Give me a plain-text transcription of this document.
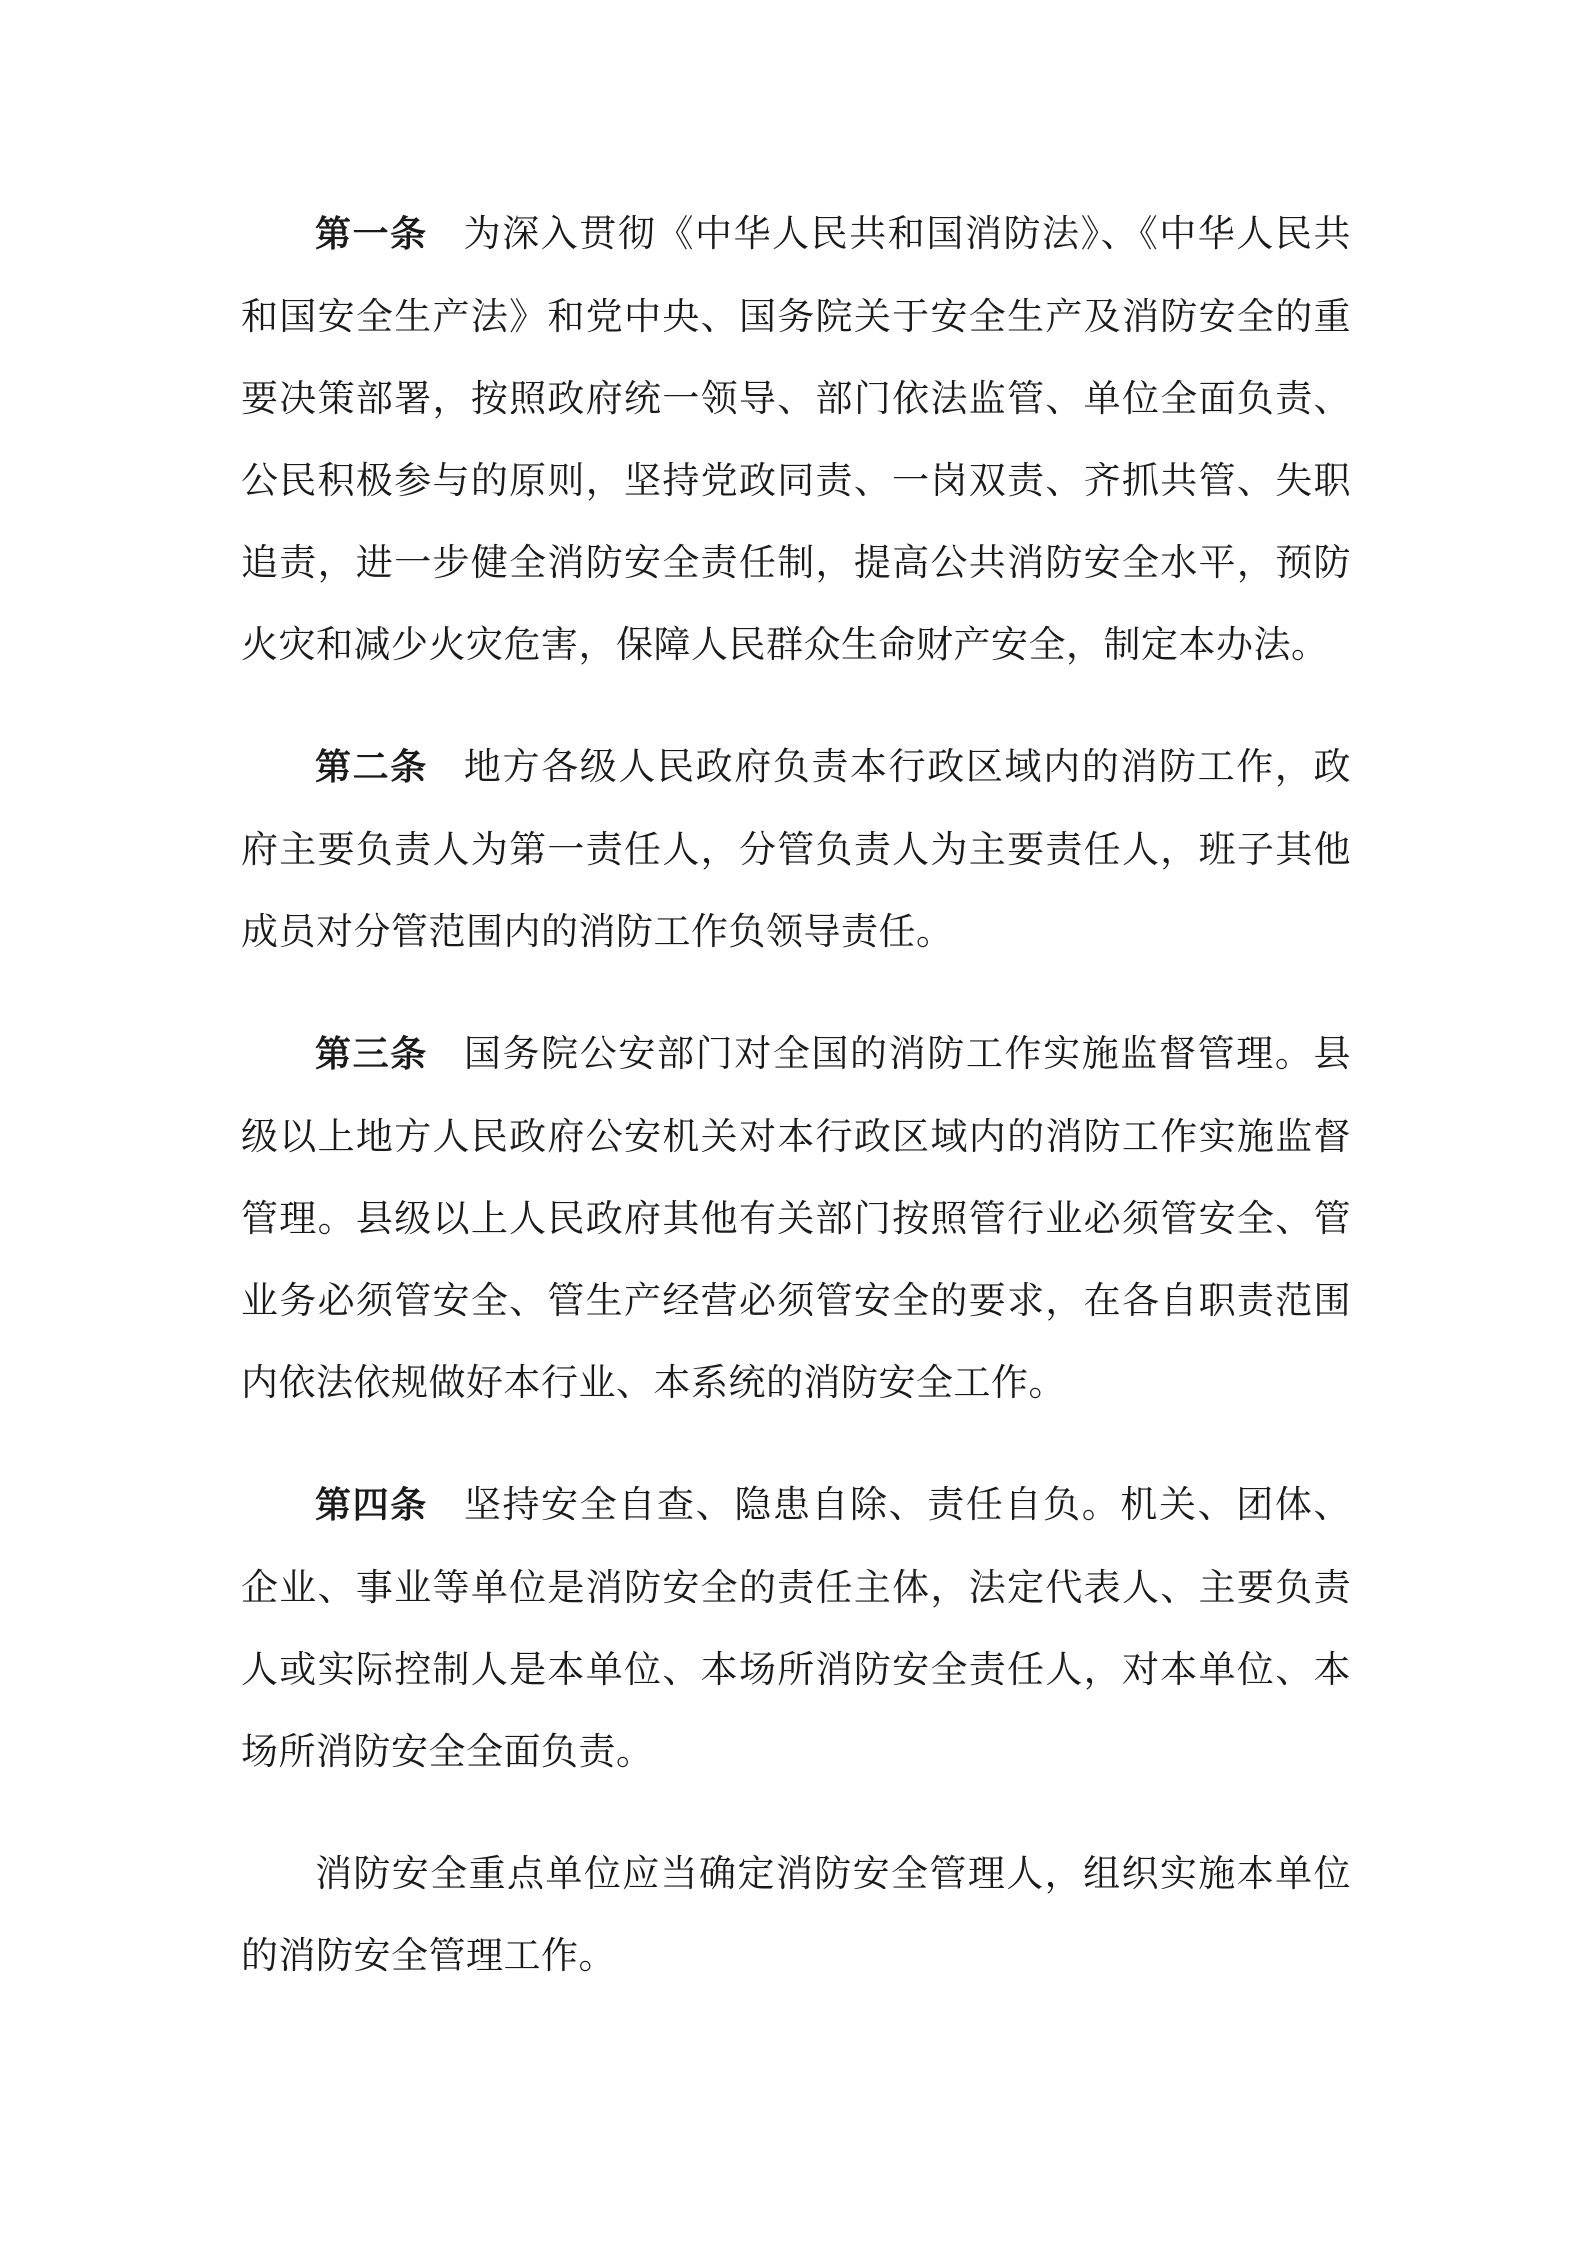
第一条 为深入贯彻《中华人民共和国消防法》、《中华人民共和国安全生产法》和党中央、国务院关于安全生产及消防安全的重要决策部署，按照政府统一领导、部门依法监管、单位全面负责、公民积极参与的原则，坚持党政同责、一岗双责、齐抓共管、失职追责，进一步健全消防安全责任制，提高公共消防安全水平，预防火灾和减少火灾危害，保障人民群众生命财产安全，制定本办法。

第二条 地方各级人民政府负责本行政区域内的消防工作，政府主要负责人为第一责任人，分管负责人为主要责任人，班子其他成员对分管范围内的消防工作负领导责任。

第三条 国务院公安部门对全国的消防工作实施监督管理。县级以上地方人民政府公安机关对本行政区域内的消防工作实施监督管理。县级以上人民政府其他有关部门按照管行业必须管安全、管业务必须管安全、管生产经营必须管安全的要求，在各自职责范围内依法依规做好本行业、本系统的消防安全工作。

第四条 坚持安全自查、隐患自除、责任自负。机关、团体、企业、事业等单位是消防安全的责任主体，法定代表人、主要负责人或实际控制人是本单位、本场所消防安全责任人，对本单位、本场所消防安全全面负责。

消防安全重点单位应当确定消防安全管理人，组织实施本单位的消防安全管理工作。
